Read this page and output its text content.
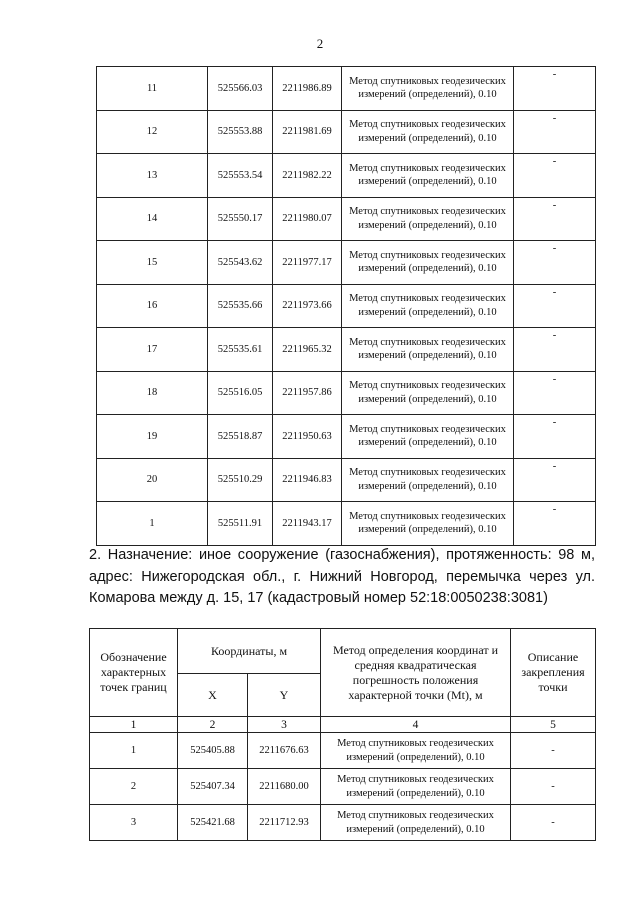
2
11	525566.03	2211986.89	Метод спутниковых геодезических измерений (определений), 0.10	-
12	525553.88	2211981.69	Метод спутниковых геодезических измерений (определений), 0.10	-
13	525553.54	2211982.22	Метод спутниковых геодезических измерений (определений), 0.10	-
14	525550.17	2211980.07	Метод спутниковых геодезических измерений (определений), 0.10	-
15	525543.62	2211977.17	Метод спутниковых геодезических измерений (определений), 0.10	-
16	525535.66	2211973.66	Метод спутниковых геодезических измерений (определений), 0.10	-
17	525535.61	2211965.32	Метод спутниковых геодезических измерений (определений), 0.10	-
18	525516.05	2211957.86	Метод спутниковых геодезических измерений (определений), 0.10	-
19	525518.87	2211950.63	Метод спутниковых геодезических измерений (определений), 0.10	-
20	525510.29	2211946.83	Метод спутниковых геодезических измерений (определений), 0.10	-
1	525511.91	2211943.17	Метод спутниковых геодезических измерений (определений), 0.10	-
2. Назначение: иное сооружение (газоснабжения), протяженность: 98 м, адрес: Нижегородская обл., г. Нижний Новгород, перемычка через ул. Комарова между д. 15, 17 (кадастровый номер 52:18:0050238:3081)
Обозначение характерных точек границ	Координаты, м		Метод определения координат и средняя квадратическая погрешность положения характерной точки (Mt), м	Описание закрепления точки
	X	Y		
1	2	3	4	5
1	525405.88	2211676.63	Метод спутниковых геодезических измерений (определений), 0.10	-
2	525407.34	2211680.00	Метод спутниковых геодезических измерений (определений), 0.10	-
3	525421.68	2211712.93	Метод спутниковых геодезических измерений (определений), 0.10	-
